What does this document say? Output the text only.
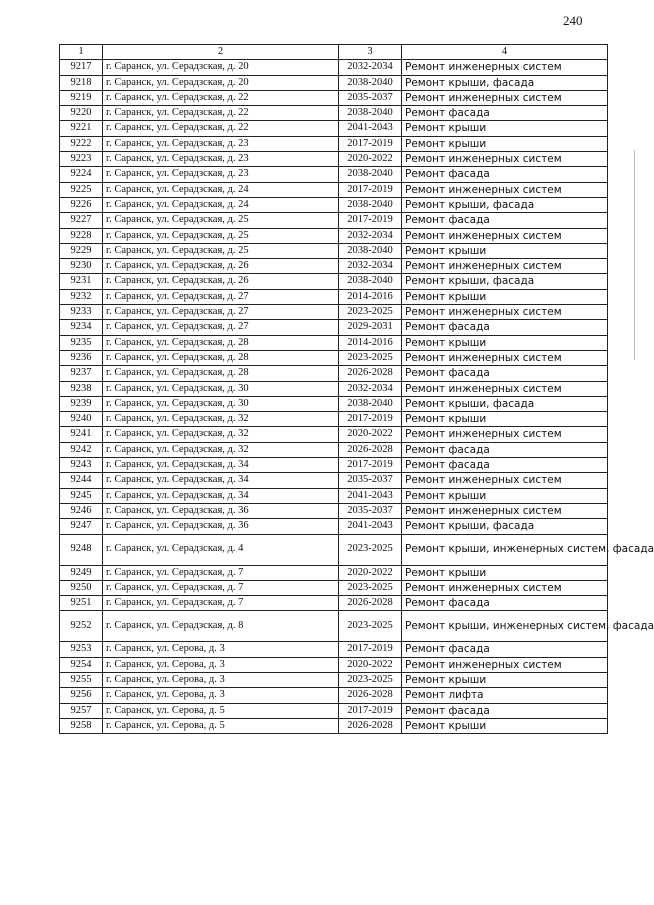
240
1	2	3	4
9217	г. Саранск, ул. Серадзская, д. 20	2032-2034	Ремонт инженерных систем
9218	г. Саранск, ул. Серадзская, д. 20	2038-2040	Ремонт крыши, фасада
9219	г. Саранск, ул. Серадзская, д. 22	2035-2037	Ремонт инженерных систем
9220	г. Саранск, ул. Серадзская, д. 22	2038-2040	Ремонт фасада
9221	г. Саранск, ул. Серадзская, д. 22	2041-2043	Ремонт крыши
9222	г. Саранск, ул. Серадзская, д. 23	2017-2019	Ремонт крыши
9223	г. Саранск, ул. Серадзская, д. 23	2020-2022	Ремонт инженерных систем
9224	г. Саранск, ул. Серадзская, д. 23	2038-2040	Ремонт фасада
9225	г. Саранск, ул. Серадзская, д. 24	2017-2019	Ремонт инженерных систем
9226	г. Саранск, ул. Серадзская, д. 24	2038-2040	Ремонт крыши, фасада
9227	г. Саранск, ул. Серадзская, д. 25	2017-2019	Ремонт фасада
9228	г. Саранск, ул. Серадзская, д. 25	2032-2034	Ремонт инженерных систем
9229	г. Саранск, ул. Серадзская, д. 25	2038-2040	Ремонт крыши
9230	г. Саранск, ул. Серадзская, д. 26	2032-2034	Ремонт инженерных систем
9231	г. Саранск, ул. Серадзская, д. 26	2038-2040	Ремонт крыши, фасада
9232	г. Саранск, ул. Серадзская, д. 27	2014-2016	Ремонт крыши
9233	г. Саранск, ул. Серадзская, д. 27	2023-2025	Ремонт инженерных систем
9234	г. Саранск, ул. Серадзская, д. 27	2029-2031	Ремонт фасада
9235	г. Саранск, ул. Серадзская, д. 28	2014-2016	Ремонт крыши
9236	г. Саранск, ул. Серадзская, д. 28	2023-2025	Ремонт инженерных систем
9237	г. Саранск, ул. Серадзская, д. 28	2026-2028	Ремонт фасада
9238	г. Саранск, ул. Серадзская, д. 30	2032-2034	Ремонт инженерных систем
9239	г. Саранск, ул. Серадзская, д. 30	2038-2040	Ремонт крыши, фасада
9240	г. Саранск, ул. Серадзская, д. 32	2017-2019	Ремонт крыши
9241	г. Саранск, ул. Серадзская, д. 32	2020-2022	Ремонт инженерных систем
9242	г. Саранск, ул. Серадзская, д. 32	2026-2028	Ремонт фасада
9243	г. Саранск, ул. Серадзская, д. 34	2017-2019	Ремонт фасада
9244	г. Саранск, ул. Серадзская, д. 34	2035-2037	Ремонт инженерных систем
9245	г. Саранск, ул. Серадзская, д. 34	2041-2043	Ремонт крыши
9246	г. Саранск, ул. Серадзская, д. 36	2035-2037	Ремонт инженерных систем
9247	г. Саранск, ул. Серадзская, д. 36	2041-2043	Ремонт крыши, фасада
9248	г. Саранск, ул. Серадзская, д. 4	2023-2025	Ремонт крыши, инженерных систем, фасада
9249	г. Саранск, ул. Серадзская, д. 7	2020-2022	Ремонт крыши
9250	г. Саранск, ул. Серадзская, д. 7	2023-2025	Ремонт инженерных систем
9251	г. Саранск, ул. Серадзская, д. 7	2026-2028	Ремонт фасада
9252	г. Саранск, ул. Серадзская, д. 8	2023-2025	Ремонт крыши, инженерных систем, фасада
9253	г. Саранск, ул. Серова, д. 3	2017-2019	Ремонт фасада
9254	г. Саранск, ул. Серова, д. 3	2020-2022	Ремонт инженерных систем
9255	г. Саранск, ул. Серова, д. 3	2023-2025	Ремонт крыши
9256	г. Саранск, ул. Серова, д. 3	2026-2028	Ремонт лифта
9257	г. Саранск, ул. Серова, д. 5	2017-2019	Ремонт фасада
9258	г. Саранск, ул. Серова, д. 5	2026-2028	Ремонт крыши
